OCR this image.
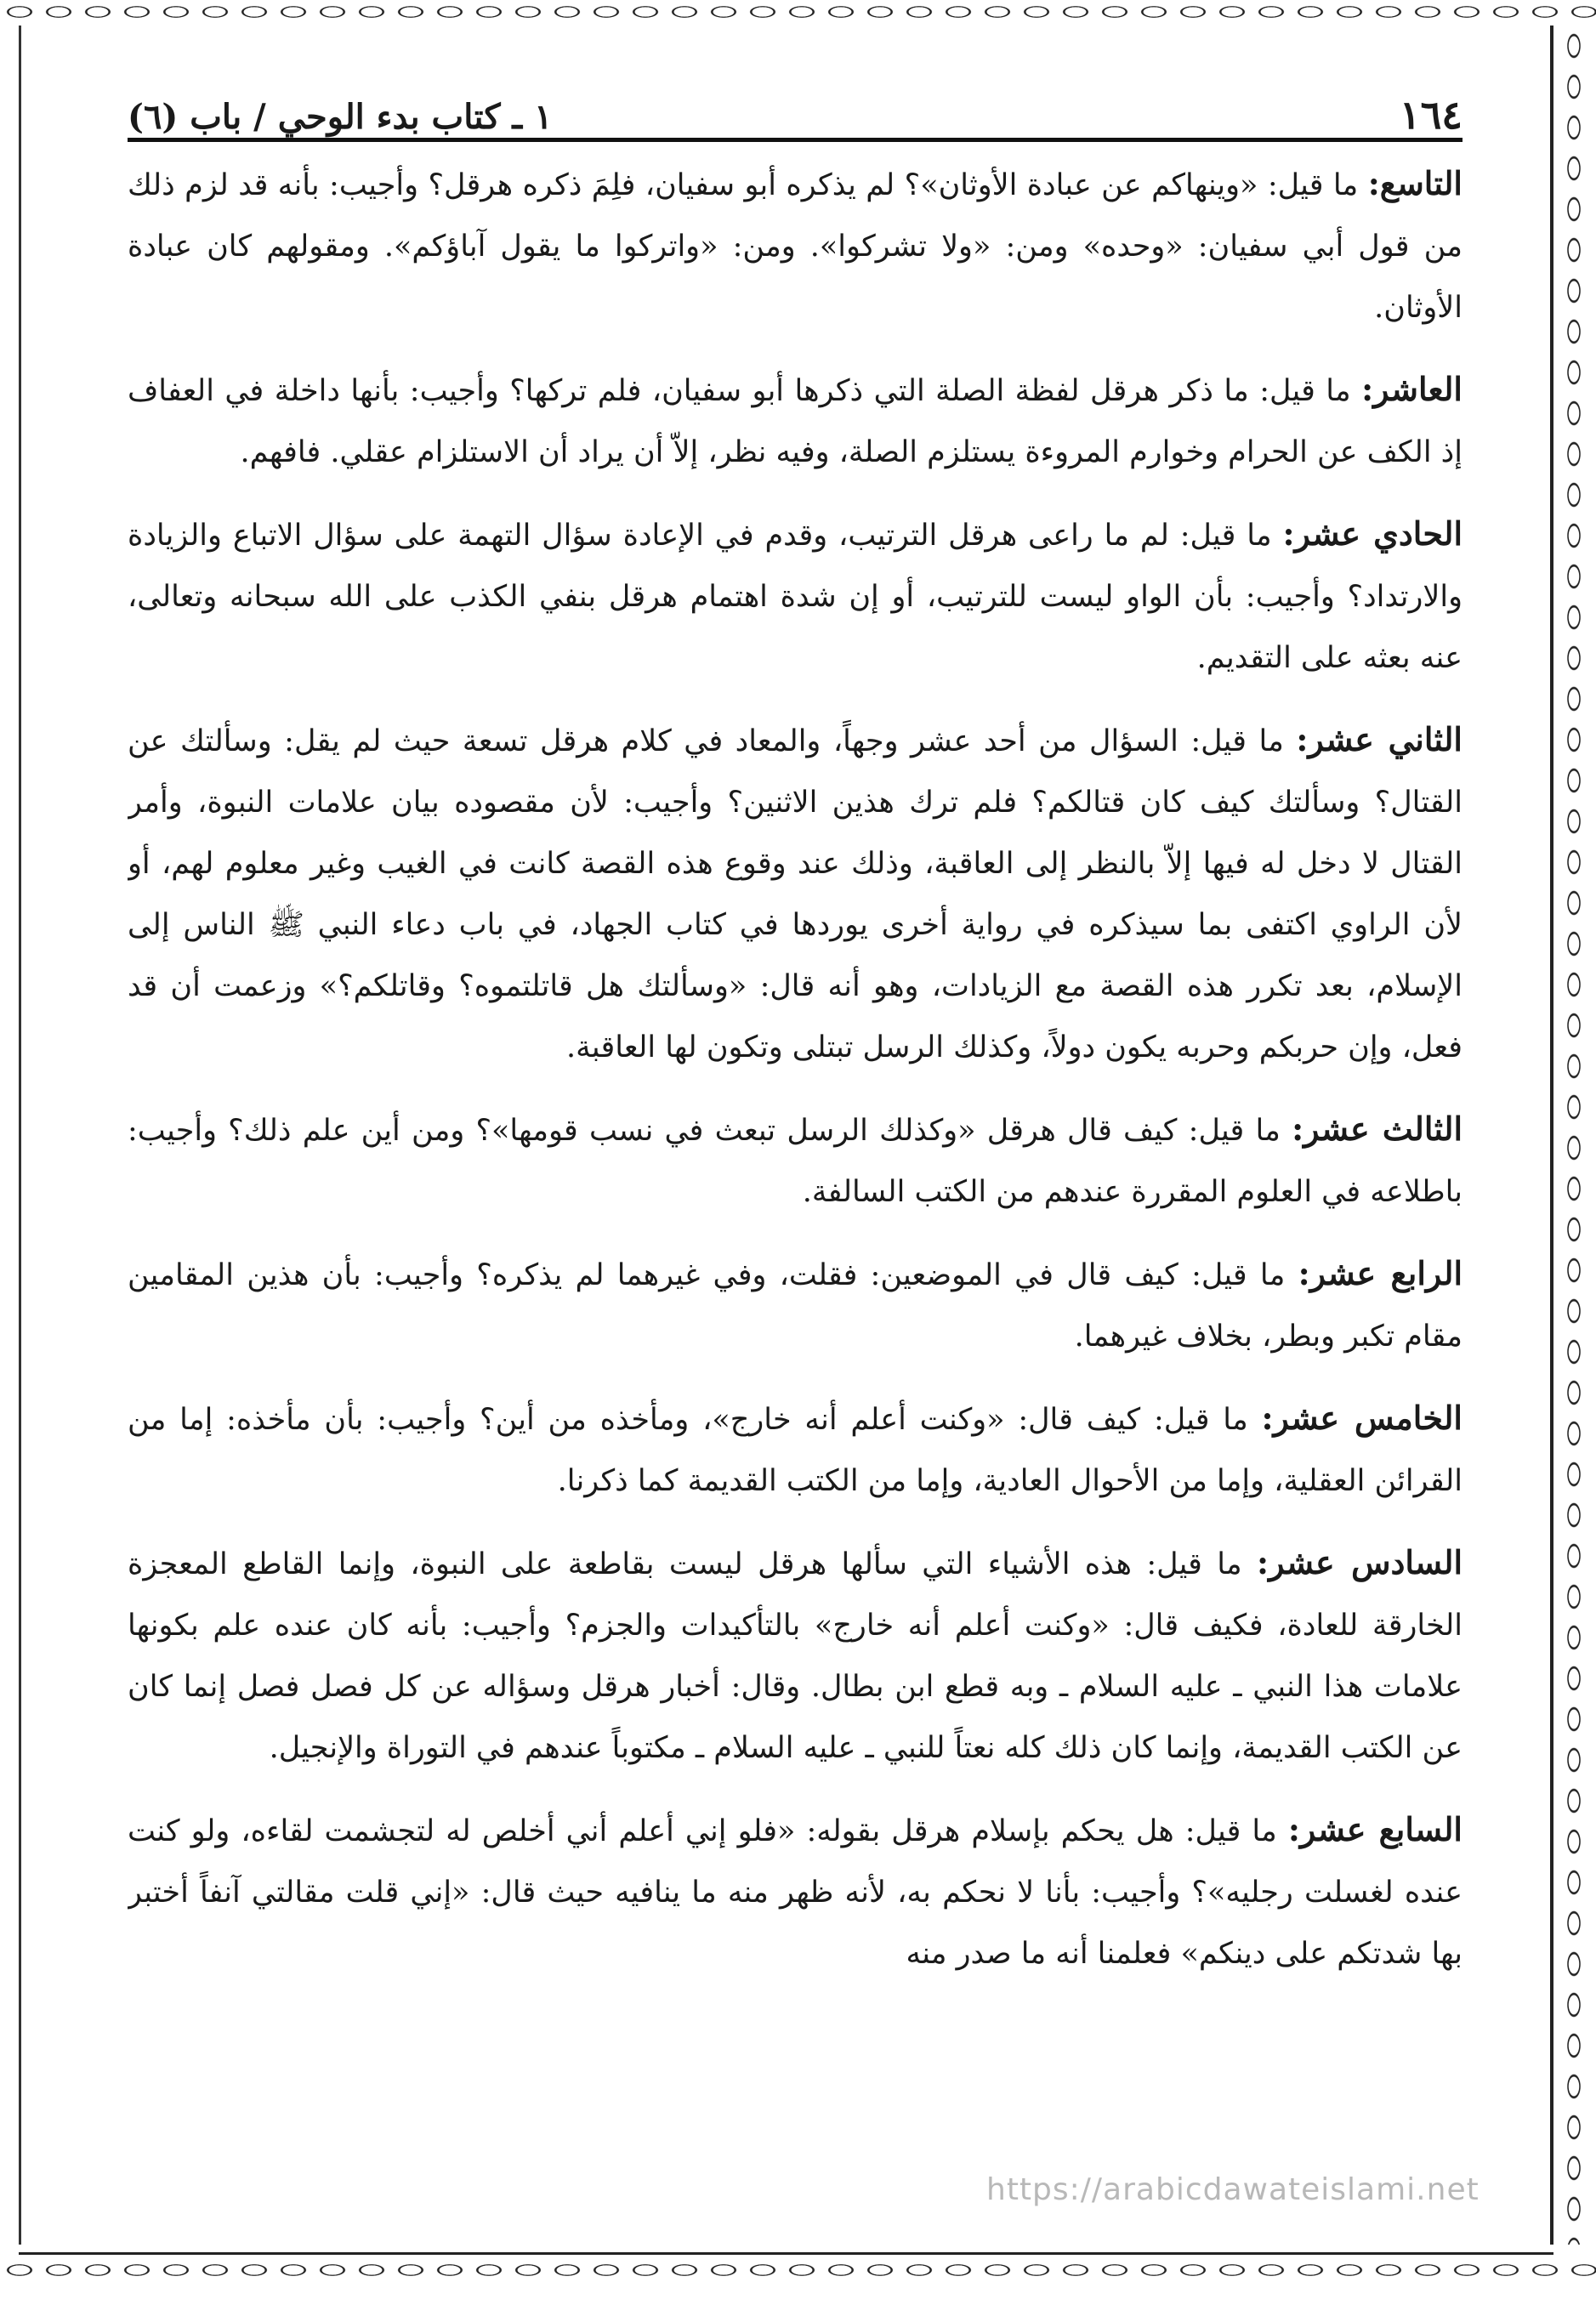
١٦٤
١ ـ كتاب بدء الوحي / باب (٦)

التاسع: ما قيل: «وينهاكم عن عبادة الأوثان»؟ لم يذكره أبو سفيان، فلِمَ ذكره هرقل؟ وأجيب: بأنه قد لزم ذلك من قول أبي سفيان: «وحده» ومن: «ولا تشركوا». ومن: «واتركوا ما يقول آباؤكم». ومقولهم كان عبادة الأوثان.

العاشر: ما قيل: ما ذكر هرقل لفظة الصلة التي ذكرها أبو سفيان، فلم تركها؟ وأجيب: بأنها داخلة في العفاف إذ الكف عن الحرام وخوارم المروءة يستلزم الصلة، وفيه نظر، إلاّ أن يراد أن الاستلزام عقلي. فافهم.

الحادي عشر: ما قيل: لم ما راعى هرقل الترتيب، وقدم في الإعادة سؤال التهمة على سؤال الاتباع والزيادة والارتداد؟ وأجيب: بأن الواو ليست للترتيب، أو إن شدة اهتمام هرقل بنفي الكذب على الله سبحانه وتعالى، عنه بعثه على التقديم.

الثاني عشر: ما قيل: السؤال من أحد عشر وجهاً، والمعاد في كلام هرقل تسعة حيث لم يقل: وسألتك عن القتال؟ وسألتك كيف كان قتالكم؟ فلم ترك هذين الاثنين؟ وأجيب: لأن مقصوده بيان علامات النبوة، وأمر القتال لا دخل له فيها إلاّ بالنظر إلى العاقبة، وذلك عند وقوع هذه القصة كانت في الغيب وغير معلوم لهم، أو لأن الراوي اكتفى بما سيذكره في رواية أخرى يوردها في كتاب الجهاد، في باب دعاء النبي ﷺ الناس إلى الإسلام، بعد تكرر هذه القصة مع الزيادات، وهو أنه قال: «وسألتك هل قاتلتموه؟ وقاتلكم؟» وزعمت أن قد فعل، وإن حربكم وحربه يكون دولاً، وكذلك الرسل تبتلى وتكون لها العاقبة.

الثالث عشر: ما قيل: كيف قال هرقل «وكذلك الرسل تبعث في نسب قومها»؟ ومن أين علم ذلك؟ وأجيب: باطلاعه في العلوم المقررة عندهم من الكتب السالفة.

الرابع عشر: ما قيل: كيف قال في الموضعين: فقلت، وفي غيرهما لم يذكره؟ وأجيب: بأن هذين المقامين مقام تكبر وبطر، بخلاف غيرهما.

الخامس عشر: ما قيل: كيف قال: «وكنت أعلم أنه خارج»، ومأخذه من أين؟ وأجيب: بأن مأخذه: إما من القرائن العقلية، وإما من الأحوال العادية، وإما من الكتب القديمة كما ذكرنا.

السادس عشر: ما قيل: هذه الأشياء التي سألها هرقل ليست بقاطعة على النبوة، وإنما القاطع المعجزة الخارقة للعادة، فكيف قال: «وكنت أعلم أنه خارج» بالتأكيدات والجزم؟ وأجيب: بأنه كان عنده علم بكونها علامات هذا النبي ـ عليه السلام ـ وبه قطع ابن بطال. وقال: أخبار هرقل وسؤاله عن كل فصل فصل إنما كان عن الكتب القديمة، وإنما كان ذلك كله نعتاً للنبي ـ عليه السلام ـ مكتوباً عندهم في التوراة والإنجيل.

السابع عشر: ما قيل: هل يحكم بإسلام هرقل بقوله: «فلو إني أعلم أني أخلص له لتجشمت لقاءه، ولو كنت عنده لغسلت رجليه»؟ وأجيب: بأنا لا نحكم به، لأنه ظهر منه ما ينافيه حيث قال: «إني قلت مقالتي آنفاً أختبر بها شدتكم على دينكم» فعلمنا أنه ما صدر منه

https://arabicdawateislami.net
